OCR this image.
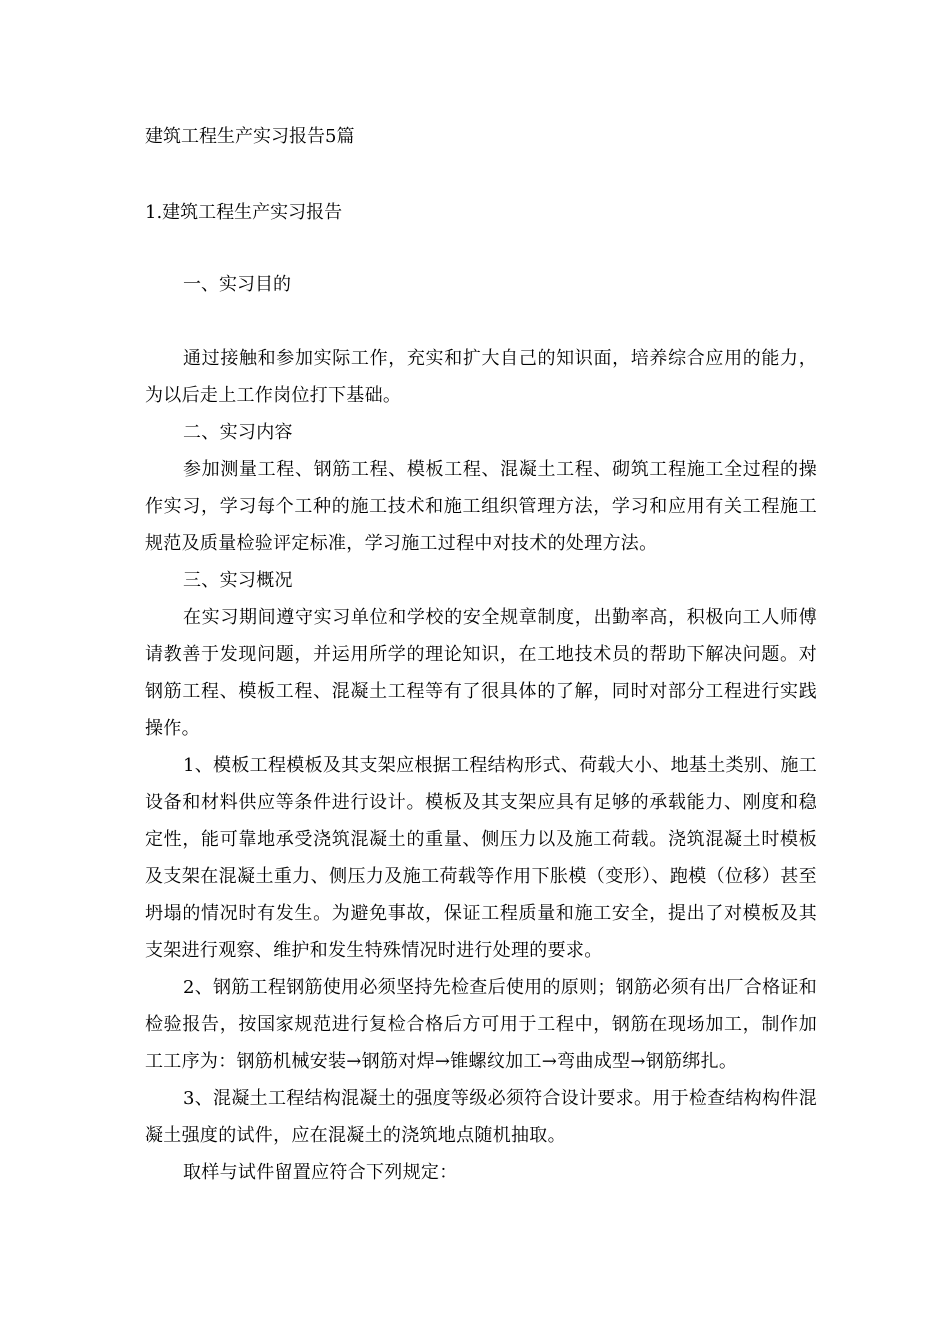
建筑工程生产实习报告5篇
1.建筑工程生产实习报告
一、实习目的

通过接触和参加实际工作，充实和扩大自己的知识面，培养综合应用的能力，为以后走上工作岗位打下基础。

二、实习内容

参加测量工程、钢筋工程、模板工程、混凝土工程、砌筑工程施工全过程的操作实习，学习每个工种的施工技术和施工组织管理方法，学习和应用有关工程施工规范及质量检验评定标准，学习施工过程中对技术的处理方法。

三、实习概况

在实习期间遵守实习单位和学校的安全规章制度，出勤率高，积极向工人师傅请教善于发现问题，并运用所学的理论知识，在工地技术员的帮助下解决问题。对钢筋工程、模板工程、混凝土工程等有了很具体的了解，同时对部分工程进行实践操作。

1、模板工程模板及其支架应根据工程结构形式、荷载大小、地基土类别、施工设备和材料供应等条件进行设计。模板及其支架应具有足够的承载能力、刚度和稳定性，能可靠地承受浇筑混凝土的重量、侧压力以及施工荷载。浇筑混凝土时模板及支架在混凝土重力、侧压力及施工荷载等作用下胀模（变形）、跑模（位移）甚至坍塌的情况时有发生。为避免事故，保证工程质量和施工安全，提出了对模板及其支架进行观察、维护和发生特殊情况时进行处理的要求。

2、钢筋工程钢筋使用必须坚持先检查后使用的原则；钢筋必须有出厂合格证和检验报告，按国家规范进行复检合格后方可用于工程中，钢筋在现场加工，制作加工工序为：钢筋机械安装→钢筋对焊→锥螺纹加工→弯曲成型→钢筋绑扎。

3、混凝土工程结构混凝土的强度等级必须符合设计要求。用于检查结构构件混凝土强度的试件，应在混凝土的浇筑地点随机抽取。

取样与试件留置应符合下列规定：
